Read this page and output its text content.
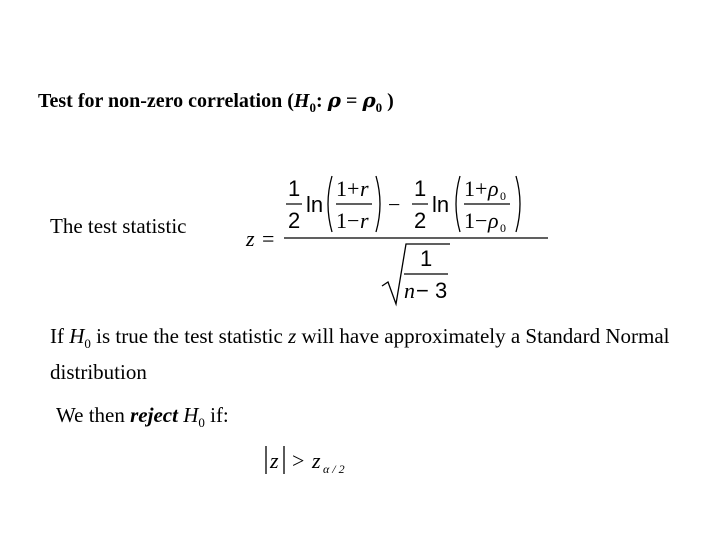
Test for non-zero correlation ($H_0$: $\rho = \rho_0$ )
The test statistic	z =
1
2
ln
1+ r
1− r
−
1
2
ln
1+ ρ 0
1− ρ 0
1
n − 3
If $H_0$ is true the test statistic z will have approximately a Standard Normal distribution
We then reject $H_0$ if:
z > z α / 2
